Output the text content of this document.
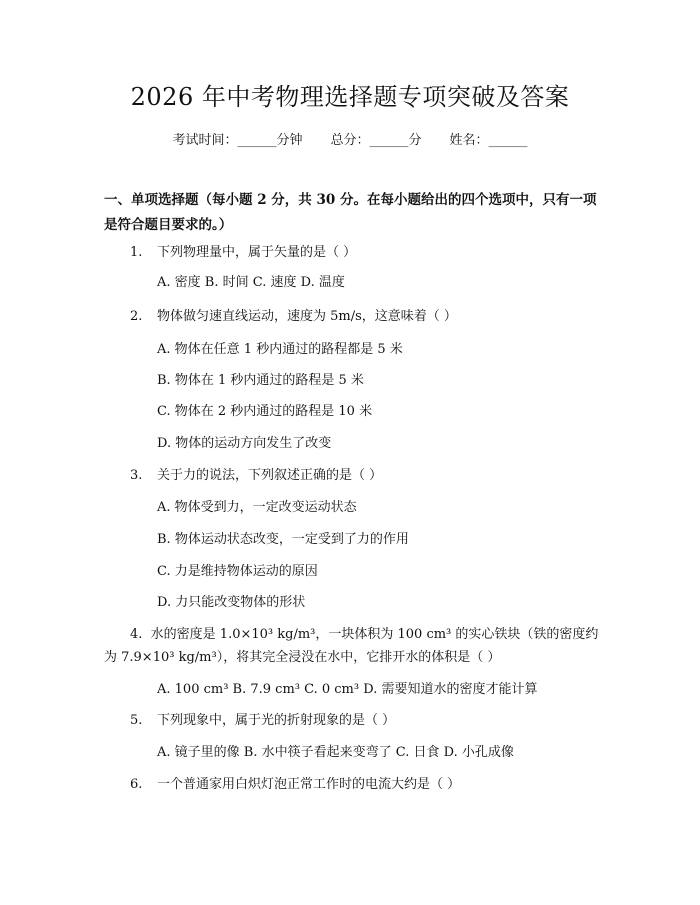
2026 年中考物理选择题专项突破及答案
考试时间：______分钟 总分：______分 姓名：______
一、单项选择题（每小题 2 分，共 30 分。在每小题给出的四个选项中，只有一项是符合题目要求的。）
1. 下列物理量中，属于矢量的是（ ）
A. 密度 B. 时间 C. 速度 D. 温度
2. 物体做匀速直线运动，速度为 5m/s，这意味着（ ）
A. 物体在任意 1 秒内通过的路程都是 5 米
B. 物体在 1 秒内通过的路程是 5 米
C. 物体在 2 秒内通过的路程是 10 米
D. 物体的运动方向发生了改变
3. 关于力的说法，下列叙述正确的是（ ）
A. 物体受到力，一定改变运动状态
B. 物体运动状态改变，一定受到了力的作用
C. 力是维持物体运动的原因
D. 力只能改变物体的形状
4. 水的密度是 1.0×10³ kg/m³，一块体积为 100 cm³ 的实心铁块（铁的密度约为 7.9×10³ kg/m³），将其完全浸没在水中，它排开水的体积是（ ）
A. 100 cm³ B. 7.9 cm³ C. 0 cm³ D. 需要知道水的密度才能计算
5. 下列现象中，属于光的折射现象的是（ ）
A. 镜子里的像 B. 水中筷子看起来变弯了 C. 日食 D. 小孔成像
6. 一个普通家用白炽灯泡正常工作时的电流大约是（ ）
